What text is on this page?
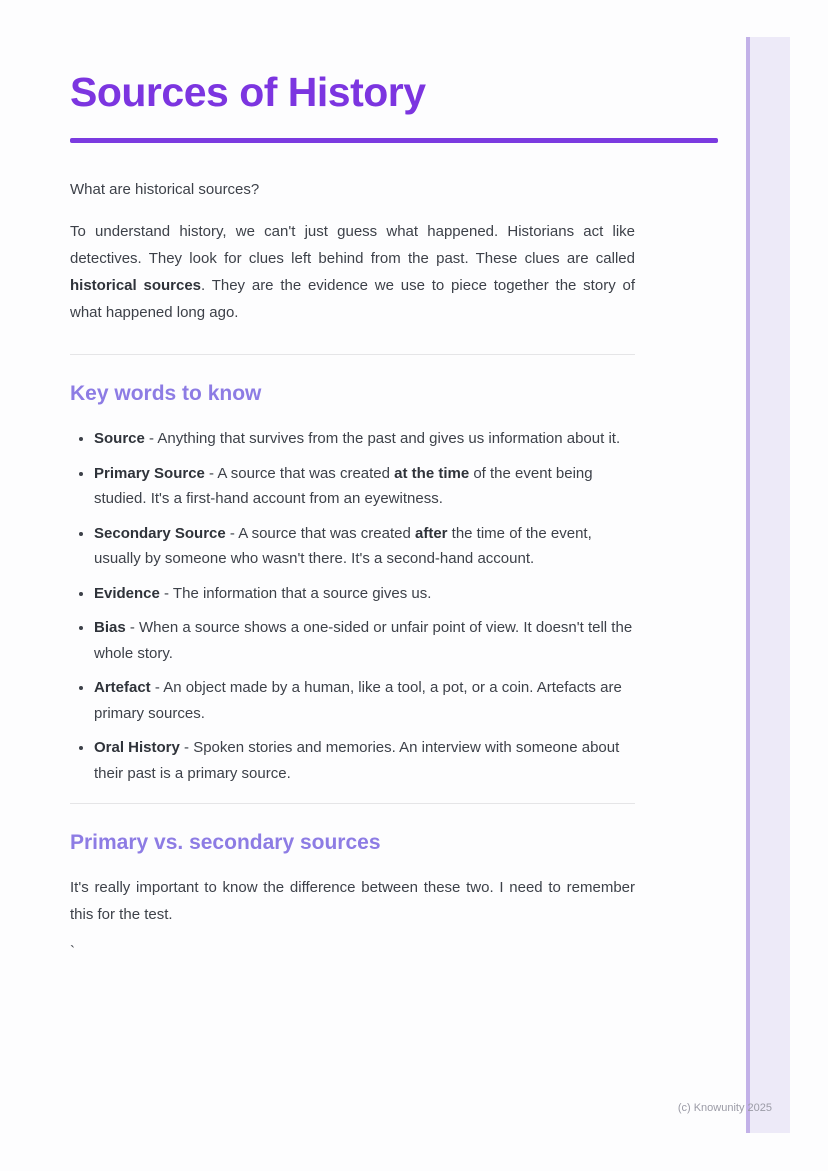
Sources of History

What are historical sources?

To understand history, we can't just guess what happened. Historians act like detectives. They look for clues left behind from the past. These clues are called historical sources. They are the evidence we use to piece together the story of what happened long ago.

Key words to know
• Source - Anything that survives from the past and gives us information about it.
• Primary Source - A source that was created at the time of the event being studied. It's a first-hand account from an eyewitness.
• Secondary Source - A source that was created after the time of the event, usually by someone who wasn't there. It's a second-hand account.
• Evidence - The information that a source gives us.
• Bias - When a source shows a one-sided or unfair point of view. It doesn't tell the whole story.
• Artefact - An object made by a human, like a tool, a pot, or a coin. Artefacts are primary sources.
• Oral History - Spoken stories and memories. An interview with someone about their past is a primary source.
Primary vs. secondary sources

It's really important to know the difference between these two. I need to remember this for the test.

`

(c) Knowunity 2025
